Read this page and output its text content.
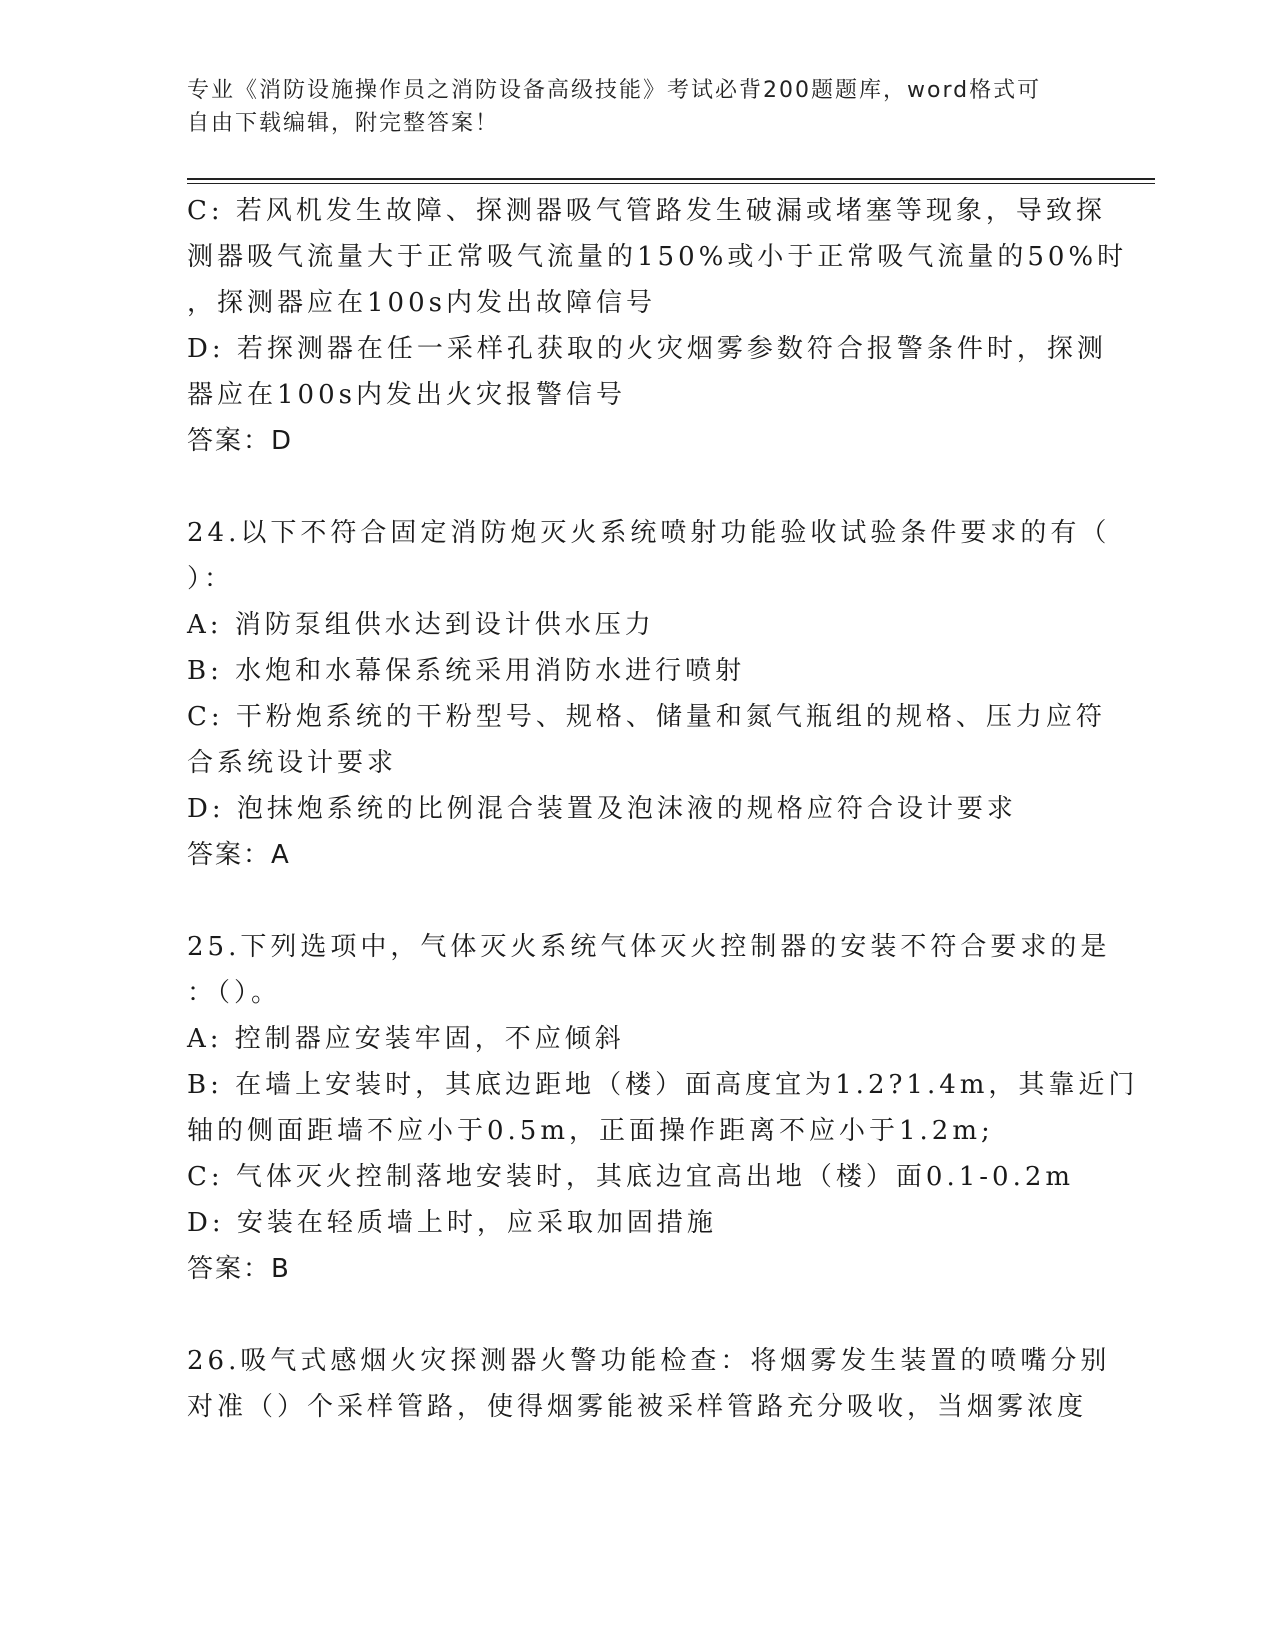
专业《消防设施操作员之消防设备高级技能》考试必背200题题库，word格式可
自由下载编辑，附完整答案！

C: 若风机发生故障、探测器吸气管路发生破漏或堵塞等现象，导致探

测器吸气流量大于正常吸气流量的150%或小于正常吸气流量的50%时

，探测器应在100s内发出故障信号

D: 若探测器在任一采样孔获取的火灾烟雾参数符合报警条件时，探测

器应在100s内发出火灾报警信号

答案：D

24.以下不符合固定消防炮灭火系统喷射功能验收试验条件要求的有（

）：

A: 消防泵组供水达到设计供水压力

B: 水炮和水幕保系统采用消防水进行喷射

C: 干粉炮系统的干粉型号、规格、储量和氮气瓶组的规格、压力应符

合系统设计要求

D: 泡抹炮系统的比例混合装置及泡沫液的规格应符合设计要求

答案：A

25.下列选项中，气体灭火系统气体灭火控制器的安装不符合要求的是

：（）。

A: 控制器应安装牢固，不应倾斜

B: 在墙上安装时，其底边距地（楼）面高度宜为1.2?1.4m，其靠近门

轴的侧面距墙不应小于0.5m，正面操作距离不应小于1.2m;

C: 气体灭火控制落地安装时，其底边宜高出地（楼）面0.1-0.2m

D: 安装在轻质墙上时，应采取加固措施

答案：B

26.吸气式感烟火灾探测器火警功能检查：将烟雾发生装置的喷嘴分别

对准（）个采样管路，使得烟雾能被采样管路充分吸收，当烟雾浓度
